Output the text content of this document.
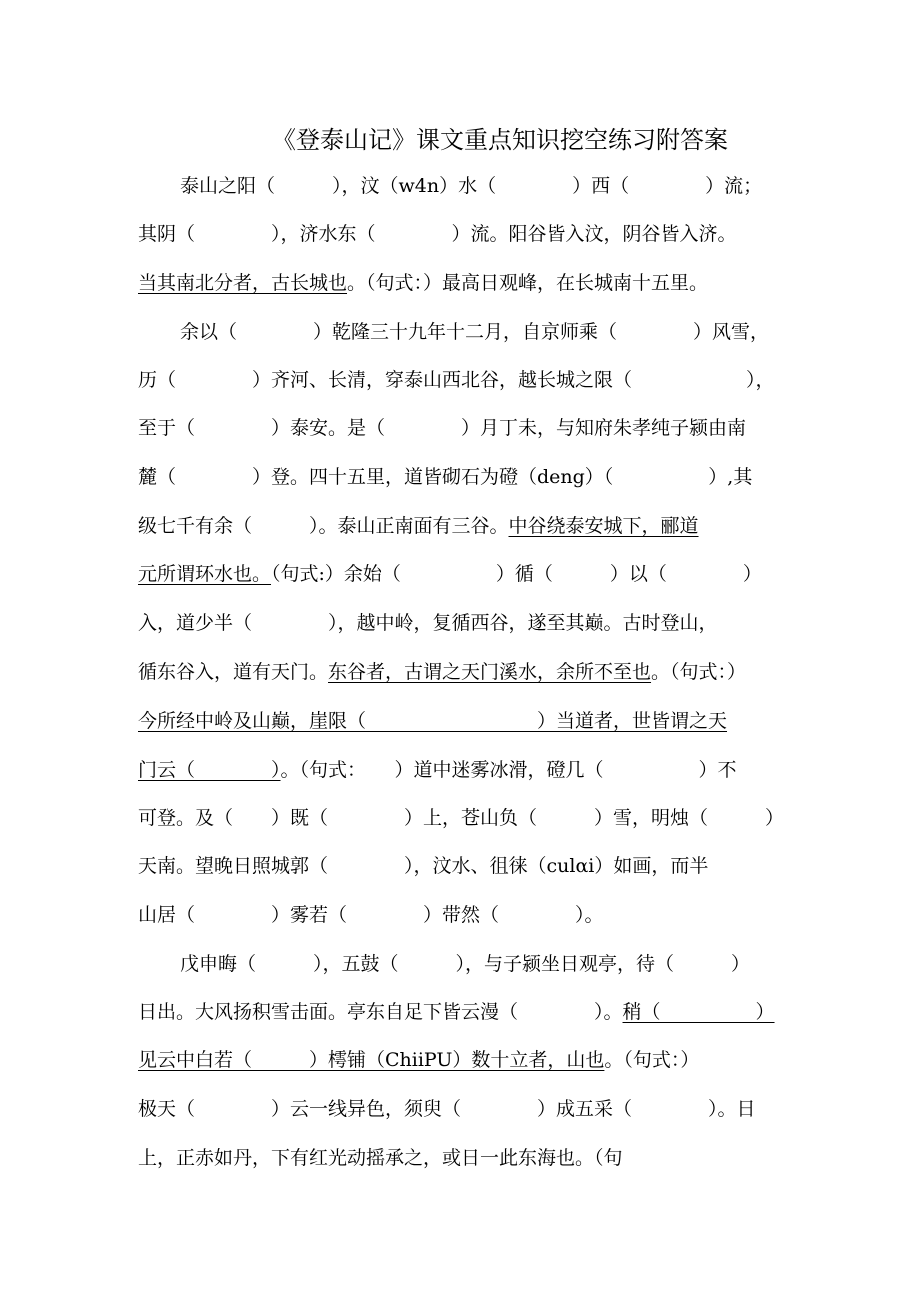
《登泰山记》课文重点知识挖空练习附答案
泰山之阳（　　　），汶（w4n）水（　　　　）西（　　　　）流；
其阴（　　　　），济水东（　　　　）流。阳谷皆入汶，阴谷皆入济。
当其南北分者，古长城也。（句式：）最高日观峰，在长城南十五里。
余以（　　　　）乾隆三十九年十二月，自京师乘（　　　　）风雪，
历（　　　　）齐河、长清，穿泰山西北谷，越长城之限（　　　　　　），
至于（　　　　）泰安。是（　　　　）月丁未，与知府朱孝纯子颍由南
麓（　　　　）登。四十五里，道皆砌石为磴（deng）（　　　　　）,其
级七千有余（　　　）。泰山正南面有三谷。中谷绕泰安城下，郦道
元所谓环水也。（句式:）余始（　　　　　）循（　　　）以（　　　　）
入，道少半（　　　　），越中岭，复循西谷，遂至其巅。古时登山，
循东谷入，道有天门。东谷者，古谓之天门溪水，余所不至也。（句式：）
今所经中岭及山巅，崖限（　　　　　　　　　）当道者，世皆谓之天
门云（　　　　）。（句式：　　）道中迷雾冰滑，磴几（　　　　　）不
可登。及（　　）既（　　　　）上，苍山负（　　　）雪，明烛（　　　）
天南。望晚日照城郭（　　　　），汶水、徂徕（culαi）如画，而半
山居（　　　　）雾若（　　　　）带然（　　　　）。
戊申晦（　　　），五鼓（　　　），与子颍坐日观亭，待（　　　）
日出。大风扬积雪击面。亭东自足下皆云漫（　　　　）。稍（　　　　　）
见云中白若（　　　）樗铺（ChiiPU）数十立者，山也。（句式：）
极天（　　　　）云一线异色，须臾（　　　　）成五采（　　　　）。日
上，正赤如丹，下有红光动摇承之，或日一此东海也。（句
